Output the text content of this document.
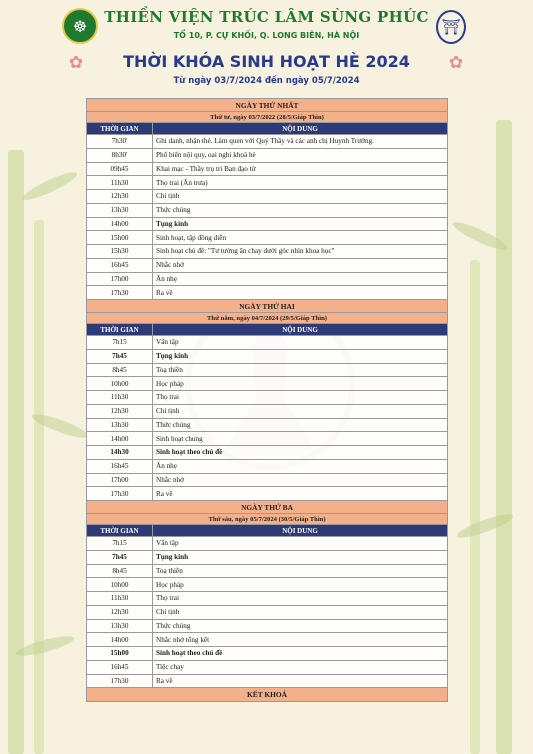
☸	THIỀN VIỆN TRÚC LÂM SÙNG PHÚC
TỔ 10, P. CỰ KHỐI, Q. LONG BIÊN, HÀ NỘI	⛩
✿	THỜI KHÓA SINH HOẠT HÈ 2024	✿
Từ ngày 03/7/2024 đến ngày 05/7/2024
NGÀY THỨ NHẤT	
Thứ tư, ngày 03/7/2022 (28/5/Giáp Thìn)	
THỜI GIAN	NỘI DUNG
7h30'	Ghi danh, nhận thẻ. Làm quen với Quý Thầy và các anh chị Huynh Trưởng.
8h30'	Phổ biến nội quy, oai nghi khoá hè
09h45	Khai mạc - Thầy trụ trì Ban đạo từ
11h30	Thọ trai (Ăn trưa)
12h30	Chỉ tịnh
13h30	Thức chúng
14h00	Tụng kinh
15h00	Sinh hoạt, tập đồng diễn
15h30	Sinh hoạt chủ đề: "Tư tưởng ăn chay dưới góc nhìn khoa học"
16h45	Nhắc nhở
17h00	Ăn nhẹ
17h30	Ra về
NGÀY THỨ HAI	
Thứ năm, ngày 04/7/2024 (29/5/Giáp Thìn)	
THỜI GIAN	NỘI DUNG
7h15	Vấn tập
7h45	Tụng kinh
8h45	Toạ thiền
10h00	Học pháp
11h30	Thọ trai
12h30	Chỉ tịnh
13h30	Thức chúng
14h00	Sinh hoạt chung
14h30	Sinh hoạt theo chủ đề
16h45	Ăn nhẹ
17h00	Nhắc nhở
17h30	Ra về
NGÀY THỨ BA	
Thứ sáu, ngày 05/7/2024 (30/5/Giáp Thìn)	
THỜI GIAN	NỘI DUNG
7h15	Vấn tập
7h45	Tụng kinh
8h45	Toạ thiền
10h00	Học pháp
11h30	Thọ trai
12h30	Chỉ tịnh
13h30	Thức chúng
14h00	Nhắc nhở tổng kết
15h00	Sinh hoạt theo chủ đề
16h45	Tiệc chay
17h30	Ra về
KẾT KHOÁ	
